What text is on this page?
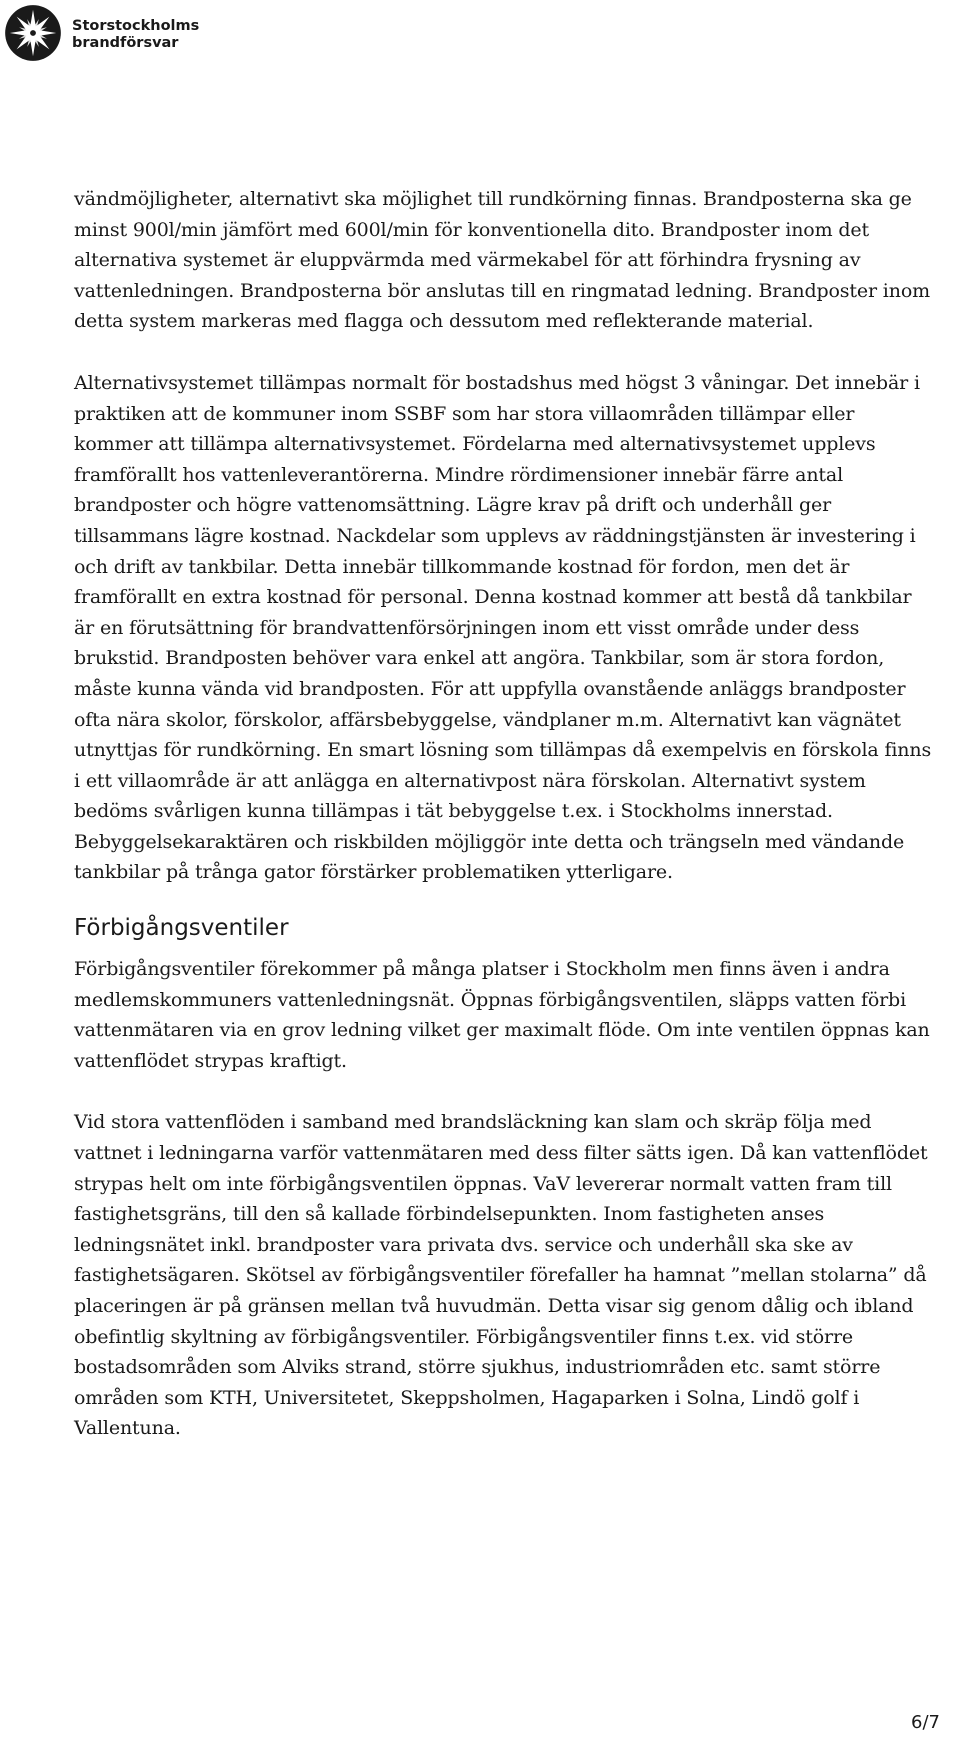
Storstockholms
brandförsvar

vändmöjligheter, alternativt ska möjlighet till rundkörning finnas. Brandposterna ska ge minst 900l/min jämfört med 600l/min för konventionella dito. Brandposter inom det alternativa systemet är eluppvärmda med värmekabel för att förhindra frysning av vattenledningen. Brandposterna bör anslutas till en ringmatad ledning. Brandposter inom detta system markeras med flagga och dessutom med reflekterande material.

Alternativsystemet tillämpas normalt för bostadshus med högst 3 våningar. Det innebär i praktiken att de kommuner inom SSBF som har stora villaområden tillämpar eller kommer att tillämpa alternativsystemet. Fördelarna med alternativsystemet upplevs framförallt hos vattenleverantörerna. Mindre rördimensioner innebär färre antal brandposter och högre vattenomsättning. Lägre krav på drift och underhåll ger tillsammans lägre kostnad. Nackdelar som upplevs av räddningstjänsten är investering i och drift av tankbilar. Detta innebär tillkommande kostnad för fordon, men det är framförallt en extra kostnad för personal. Denna kostnad kommer att bestå då tankbilar är en förutsättning för brandvattenförsörjningen inom ett visst område under dess brukstid. Brandposten behöver vara enkel att angöra. Tankbilar, som är stora fordon, måste kunna vända vid brandposten. För att uppfylla ovanstående anläggs brandposter ofta nära skolor, förskolor, affärsbebyggelse, vändplaner m.m. Alternativt kan vägnätet utnyttjas för rundkörning. En smart lösning som tillämpas då exempelvis en förskola finns i ett villaområde är att anlägga en alternativpost nära förskolan. Alternativt system bedöms svårligen kunna tillämpas i tät bebyggelse t.ex. i Stockholms innerstad. Bebyggelsekaraktären och riskbilden möjliggör inte detta och trängseln med vändande tankbilar på trånga gator förstärker problematiken ytterligare.

Förbigångsventiler

Förbigångsventiler förekommer på många platser i Stockholm men finns även i andra medlemskommuners vattenledningsnät. Öppnas förbigångsventilen, släpps vatten förbi vattenmätaren via en grov ledning vilket ger maximalt flöde. Om inte ventilen öppnas kan vattenflödet strypas kraftigt.

Vid stora vattenflöden i samband med brandsläckning kan slam och skräp följa med vattnet i ledningarna varför vattenmätaren med dess filter sätts igen. Då kan vattenflödet strypas helt om inte förbigångsventilen öppnas. VaV levererar normalt vatten fram till fastighetsgräns, till den så kallade förbindelsepunkten. Inom fastigheten anses ledningsnätet inkl. brandposter vara privata dvs. service och underhåll ska ske av fastighetsägaren. Skötsel av förbigångsventiler förefaller ha hamnat ”mellan stolarna” då placeringen är på gränsen mellan två huvudmän. Detta visar sig genom dålig och ibland obefintlig skyltning av förbigångsventiler. Förbigångsventiler finns t.ex. vid större bostadsområden som Alviks strand, större sjukhus, industriområden etc. samt större områden som KTH, Universitetet, Skeppsholmen, Hagaparken i Solna, Lindö golf i Vallentuna.

6/7
